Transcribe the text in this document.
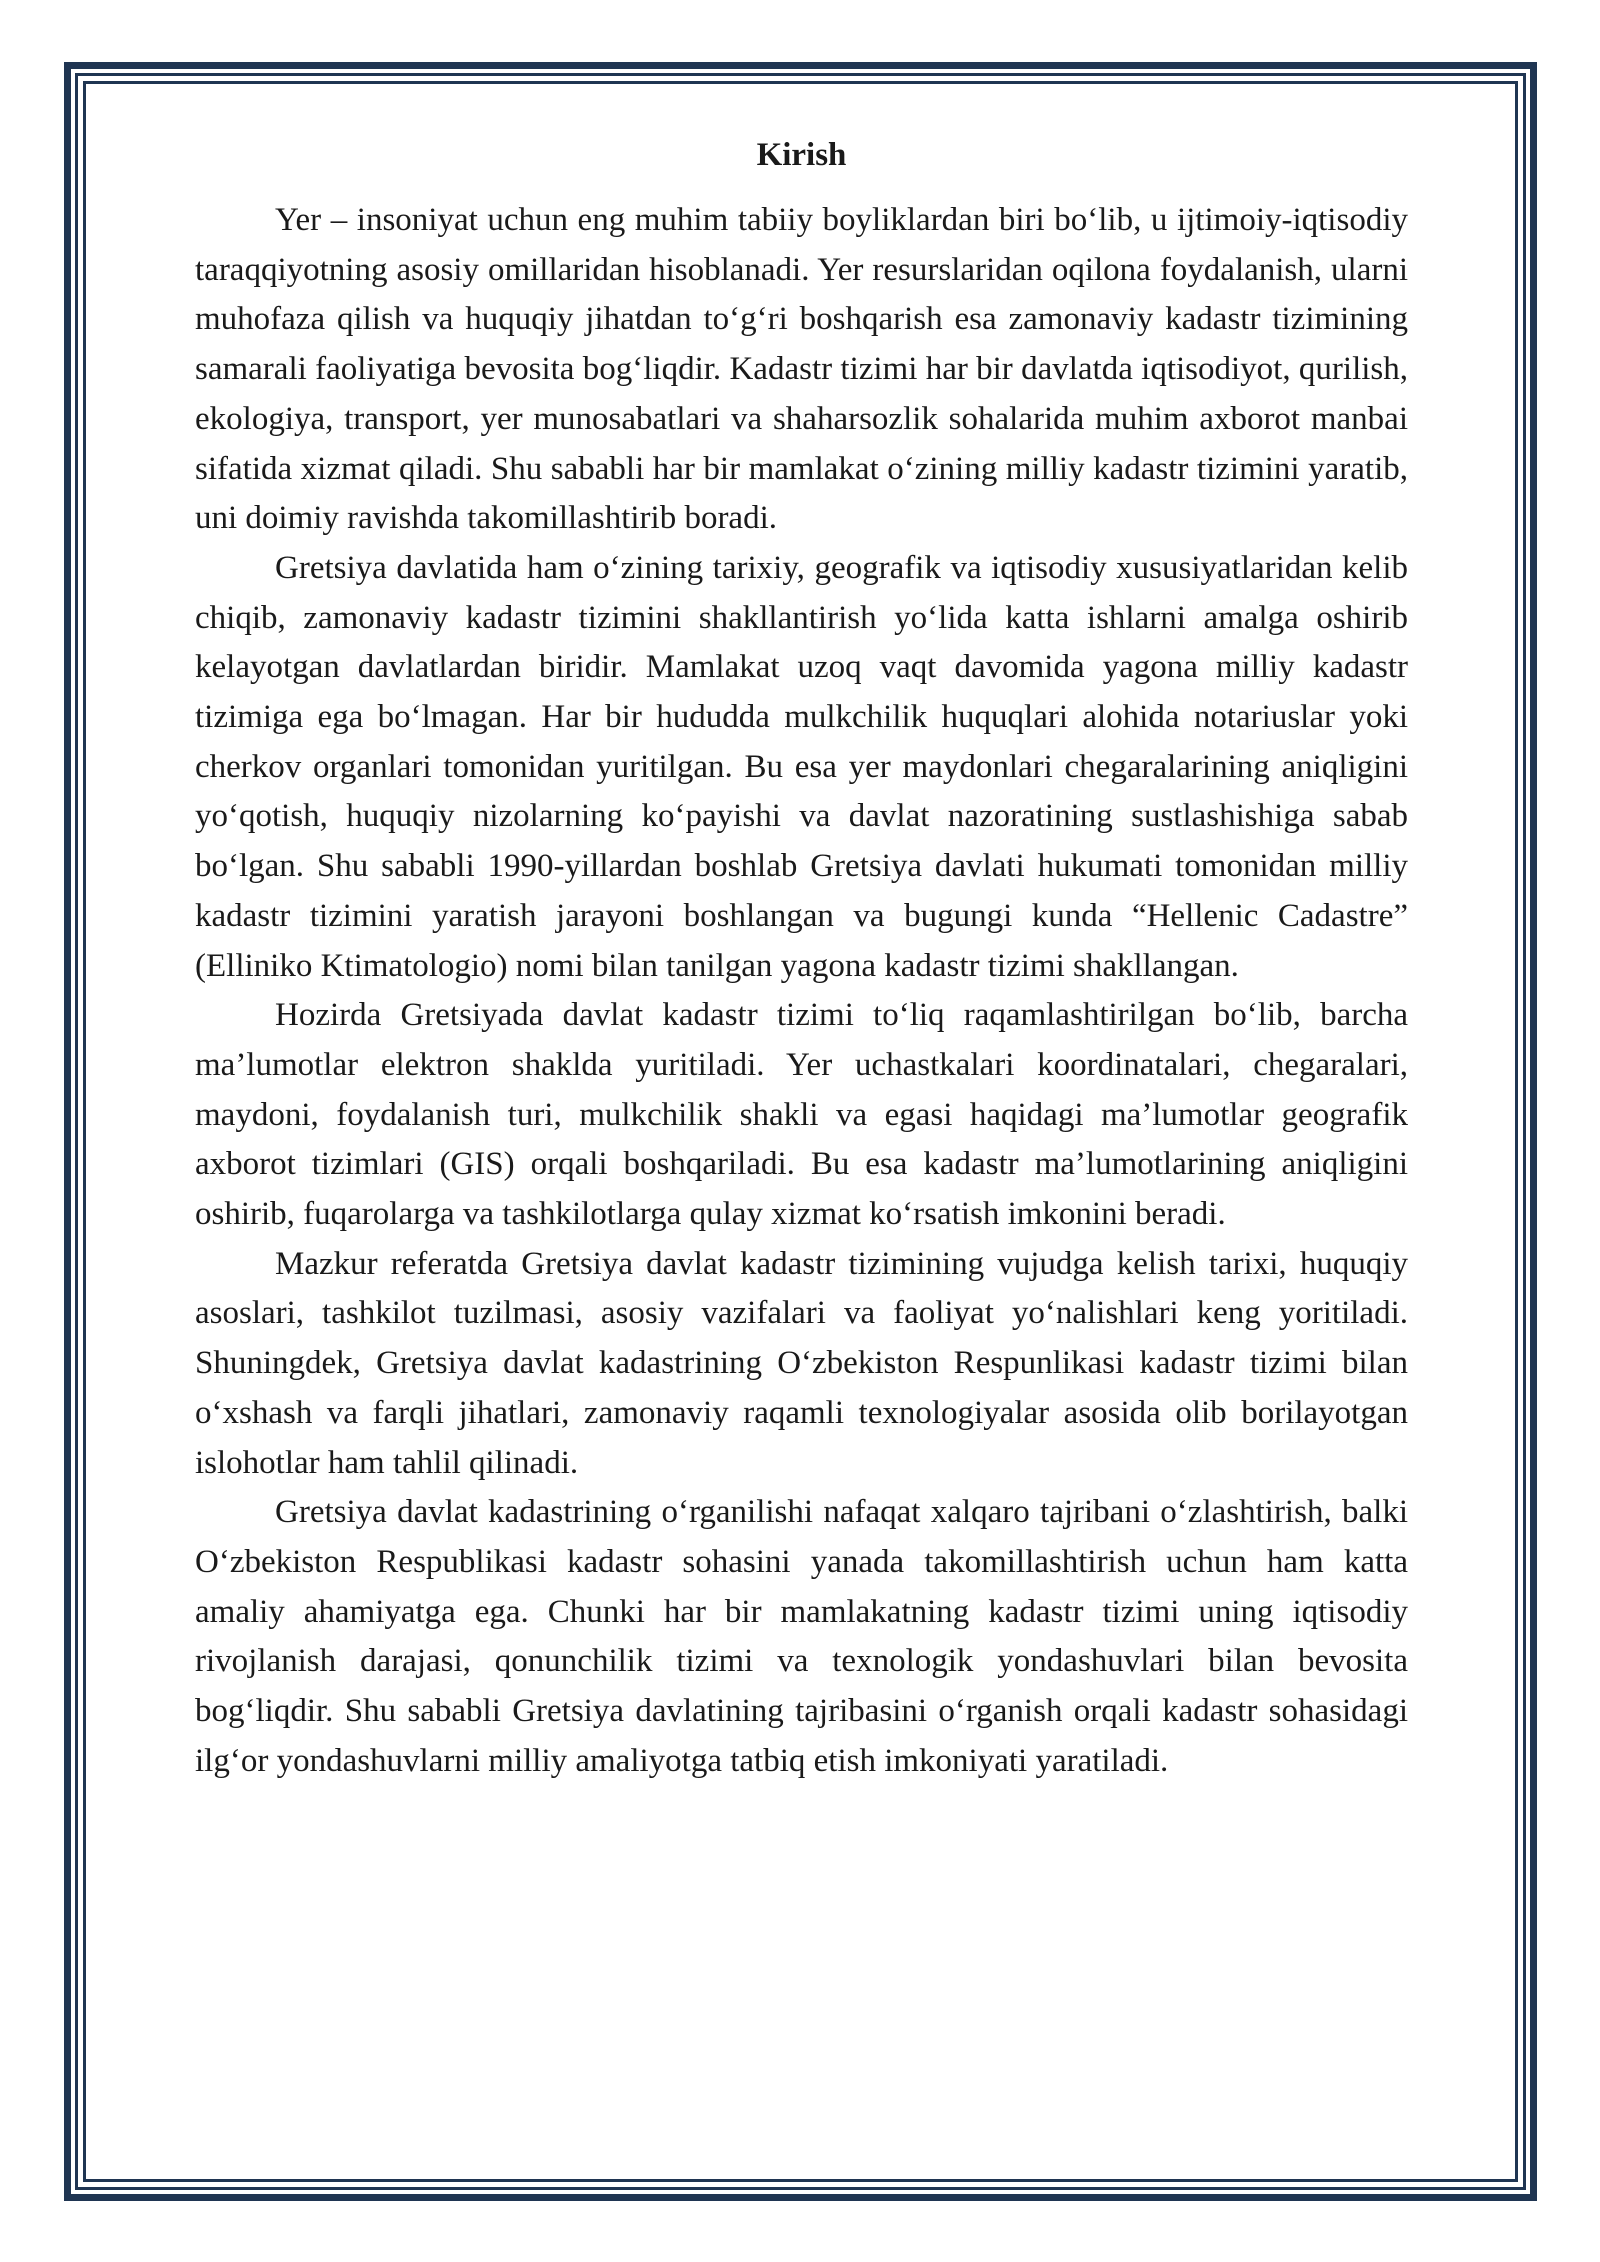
Kirish

Yer – insoniyat uchun eng muhim tabiiy boyliklardan biri bo‘lib, u ijtimoiy-iqtisodiy taraqqiyotning asosiy omillaridan hisoblanadi. Yer resurslaridan oqilona foydalanish, ularni muhofaza qilish va huquqiy jihatdan to‘g‘ri boshqarish esa zamonaviy kadastr tizimining samarali faoliyatiga bevosita bog‘liqdir. Kadastr tizimi har bir davlatda iqtisodiyot, qurilish, ekologiya, transport, yer munosabatlari va shaharsozlik sohalarida muhim axborot manbai sifatida xizmat qiladi. Shu sababli har bir mamlakat o‘zining milliy kadastr tizimini yaratib, uni doimiy ravishda takomillashtirib boradi.

Gretsiya davlatida ham o‘zining tarixiy, geografik va iqtisodiy xususiyatlaridan kelib chiqib, zamonaviy kadastr tizimini shakllantirish yo‘lida katta ishlarni amalga oshirib kelayotgan davlatlardan biridir. Mamlakat uzoq vaqt davomida yagona milliy kadastr tizimiga ega bo‘lmagan. Har bir hududda mulkchilik huquqlari alohida notariuslar yoki cherkov organlari tomonidan yuritilgan. Bu esa yer maydonlari chegaralarining aniqligini yo‘qotish, huquqiy nizolarning ko‘payishi va davlat nazoratining sustlashishiga sabab bo‘lgan. Shu sababli 1990-yillardan boshlab Gretsiya davlati hukumati tomonidan milliy kadastr tizimini yaratish jarayoni boshlangan va bugungi kunda “Hellenic Cadastre” (Elliniko Ktimatologio) nomi bilan tanilgan yagona kadastr tizimi shakllangan.

Hozirda Gretsiyada davlat kadastr tizimi to‘liq raqamlashtirilgan bo‘lib, barcha ma’lumotlar elektron shaklda yuritiladi. Yer uchastkalari koordinatalari, chegaralari, maydoni, foydalanish turi, mulkchilik shakli va egasi haqidagi ma’lumotlar geografik axborot tizimlari (GIS) orqali boshqariladi. Bu esa kadastr ma’lumotlarining aniqligini oshirib, fuqarolarga va tashkilotlarga qulay xizmat ko‘rsatish imkonini beradi.

Mazkur referatda Gretsiya davlat kadastr tizimining vujudga kelish tarixi, huquqiy asoslari, tashkilot tuzilmasi, asosiy vazifalari va faoliyat yo‘nalishlari keng yoritiladi. Shuningdek, Gretsiya davlat kadastrining O‘zbekiston Respunlikasi kadastr tizimi bilan o‘xshash va farqli jihatlari, zamonaviy raqamli texnologiyalar asosida olib borilayotgan islohotlar ham tahlil qilinadi.

Gretsiya davlat kadastrining o‘rganilishi nafaqat xalqaro tajribani o‘zlashtirish, balki O‘zbekiston Respublikasi kadastr sohasini yanada takomillashtirish uchun ham katta amaliy ahamiyatga ega. Chunki har bir mamlakatning kadastr tizimi uning iqtisodiy rivojlanish darajasi, qonunchilik tizimi va texnologik yondashuvlari bilan bevosita bog‘liqdir. Shu sababli Gretsiya davlatining tajribasini o‘rganish orqali kadastr sohasidagi ilg‘or yondashuvlarni milliy amaliyotga tatbiq etish imkoniyati yaratiladi.
